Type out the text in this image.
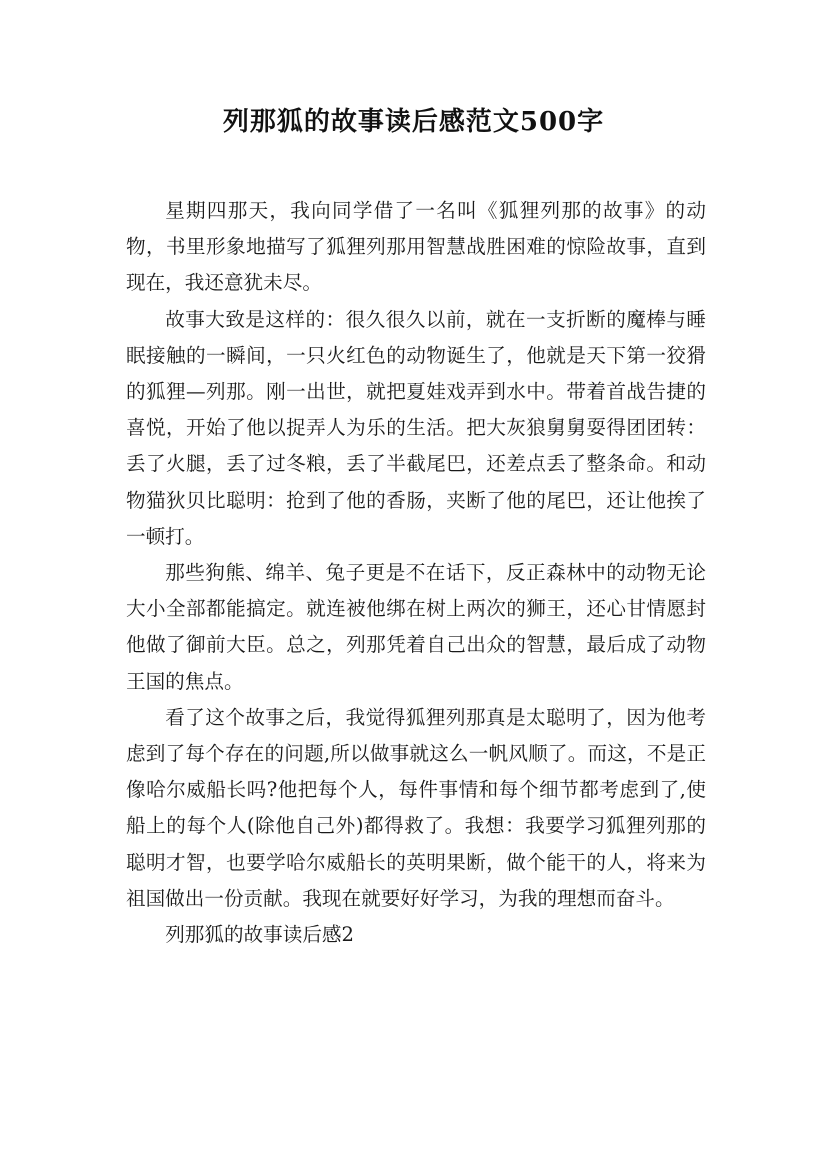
列那狐的故事读后感范文500字

星期四那天，我向同学借了一名叫《狐狸列那的故事》的动物，书里形象地描写了狐狸列那用智慧战胜困难的惊险故事，直到现在，我还意犹未尽。

故事大致是这样的：很久很久以前，就在一支折断的魔棒与睡眠接触的一瞬间，一只火红色的动物诞生了，他就是天下第一狡猾的狐狸—列那。刚一出世，就把夏娃戏弄到水中。带着首战告捷的喜悦，开始了他以捉弄人为乐的生活。把大灰狼舅舅耍得团团转：丢了火腿，丢了过冬粮，丢了半截尾巴，还差点丢了整条命。和动物猫狄贝比聪明：抢到了他的香肠，夹断了他的尾巴，还让他挨了一顿打。

那些狗熊、绵羊、兔子更是不在话下，反正森林中的动物无论大小全部都能搞定。就连被他绑在树上两次的狮王，还心甘情愿封他做了御前大臣。总之，列那凭着自己出众的智慧，最后成了动物王国的焦点。

看了这个故事之后，我觉得狐狸列那真是太聪明了，因为他考虑到了每个存在的问题,所以做事就这么一帆风顺了。而这，不是正像哈尔威船长吗?他把每个人，每件事情和每个细节都考虑到了,使船上的每个人(除他自己外)都得救了。我想：我要学习狐狸列那的聪明才智，也要学哈尔威船长的英明果断，做个能干的人，将来为祖国做出一份贡献。我现在就要好好学习，为我的理想而奋斗。

列那狐的故事读后感2
